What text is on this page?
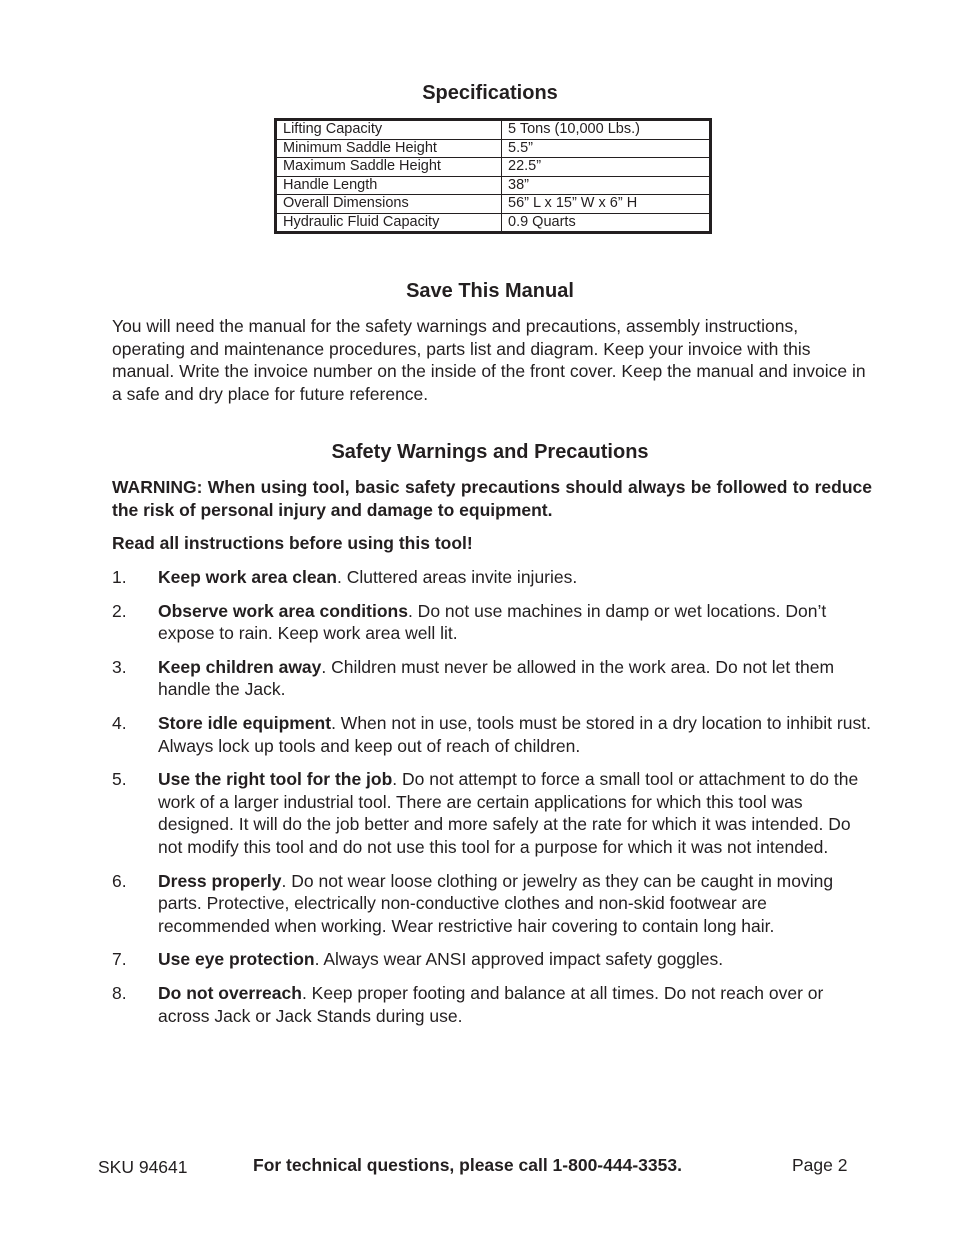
Specifications
Lifting Capacity	5 Tons (10,000 Lbs.)
Minimum Saddle Height	5.5”
Maximum Saddle Height	22.5”
Handle Length	38”
Overall Dimensions	56” L x 15” W x 6” H
Hydraulic Fluid Capacity	0.9 Quarts
Save This Manual

You will need the manual for the safety warnings and precautions, assembly instructions, operating and maintenance procedures, parts list and diagram. Keep your invoice with this manual. Write the invoice number on the inside of the front cover. Keep the manual and invoice in a safe and dry place for future reference.

Safety Warnings and Precautions

WARNING: When using tool, basic safety precautions should always be followed to reduce the risk of personal injury and damage to equipment.

Read all instructions before using this tool!

1. Keep work area clean. Cluttered areas invite injuries.
2. Observe work area conditions. Do not use machines in damp or wet locations. Don’t expose to rain. Keep work area well lit.
3. Keep children away. Children must never be allowed in the work area. Do not let them handle the Jack.
4. Store idle equipment. When not in use, tools must be stored in a dry location to inhibit rust. Always lock up tools and keep out of reach of children.
5. Use the right tool for the job. Do not attempt to force a small tool or attachment to do the work of a larger industrial tool. There are certain applications for which this tool was designed. It will do the job better and more safely at the rate for which it was intended. Do not modify this tool and do not use this tool for a purpose for which it was not intended.
6. Dress properly. Do not wear loose clothing or jewelry as they can be caught in moving parts. Protective, electrically non-conductive clothes and non-skid footwear are recommended when working. Wear restrictive hair covering to contain long hair.
7. Use eye protection. Always wear ANSI approved impact safety goggles.
8. Do not overreach. Keep proper footing and balance at all times. Do not reach over or across Jack or Jack Stands during use.
SKU 94641	For technical questions, please call 1-800-444-3353.	Page 2
